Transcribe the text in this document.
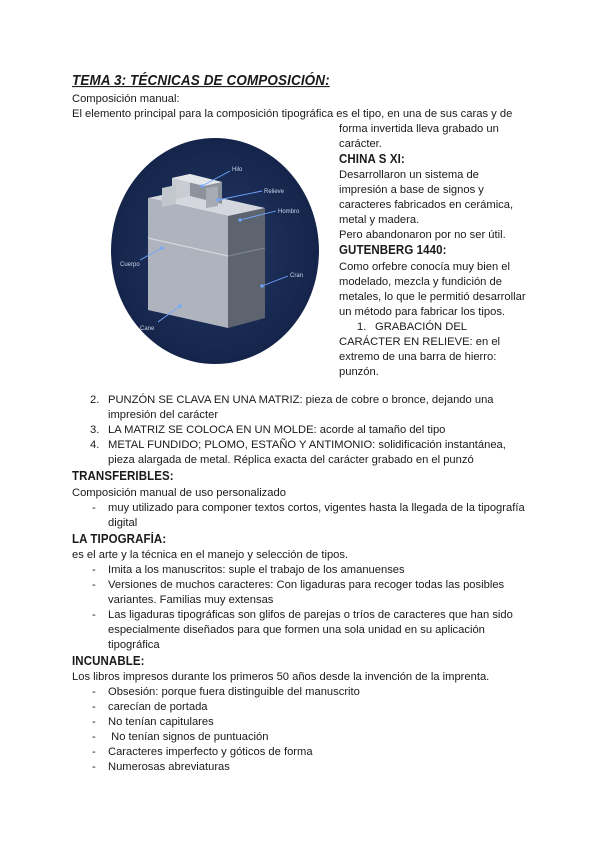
TEMA 3: TÉCNICAS DE COMPOSICIÓN:
Composición manual:
El elemento principal para la composición tipográfica es el tipo, en una de sus caras y de
forma invertida lleva grabado un
carácter.
Hilo
Relieve
Hombro
Cuerpo
Cran
Cane
CHINA S XI:
Desarrollaron un sistema de
impresión a base de signos y
caracteres fabricados en cerámica,
metal y madera.
Pero abandonaron por no ser útil.
GUTENBERG 1440:
Como orfebre conocía muy bien el
modelado, mezcla y fundición de
metales, lo que le permitió desarrollar
un método para fabricar los tipos.
1. GRABACIÓN DEL
CARÁCTER EN RELIEVE: en el
extremo de una barra de hierro:
punzón.
2. PUNZÓN SE CLAVA EN UNA MATRIZ: pieza de cobre o bronce, dejando una
impresión del carácter
3. LA MATRIZ SE COLOCA EN UN MOLDE: acorde al tamaño del tipo
4. METAL FUNDIDO; PLOMO, ESTAÑO Y ANTIMONIO: solidificación instantánea,
pieza alargada de metal. Réplica exacta del carácter grabado en el punzó
TRANSFERIBLES:
Composición manual de uso personalizado
- muy utilizado para componer textos cortos, vigentes hasta la llegada de la tipografía
digital
LA TIPOGRAFÍA:
es el arte y la técnica en el manejo y selección de tipos.
- Imita a los manuscritos: suple el trabajo de los amanuenses
- Versiones de muchos caracteres: Con ligaduras para recoger todas las posibles
variantes. Familias muy extensas
- Las ligaduras tipográficas son glifos de parejas o tríos de caracteres que han sido
especialmente diseñados para que formen una sola unidad en su aplicación
tipográfica
INCUNABLE:
Los libros impresos durante los primeros 50 años desde la invención de la imprenta.
- Obsesión: porque fuera distinguible del manuscrito
- carecían de portada
- No tenían capitulares
- No tenían signos de puntuación
- Caracteres imperfecto y góticos de forma
- Numerosas abreviaturas
